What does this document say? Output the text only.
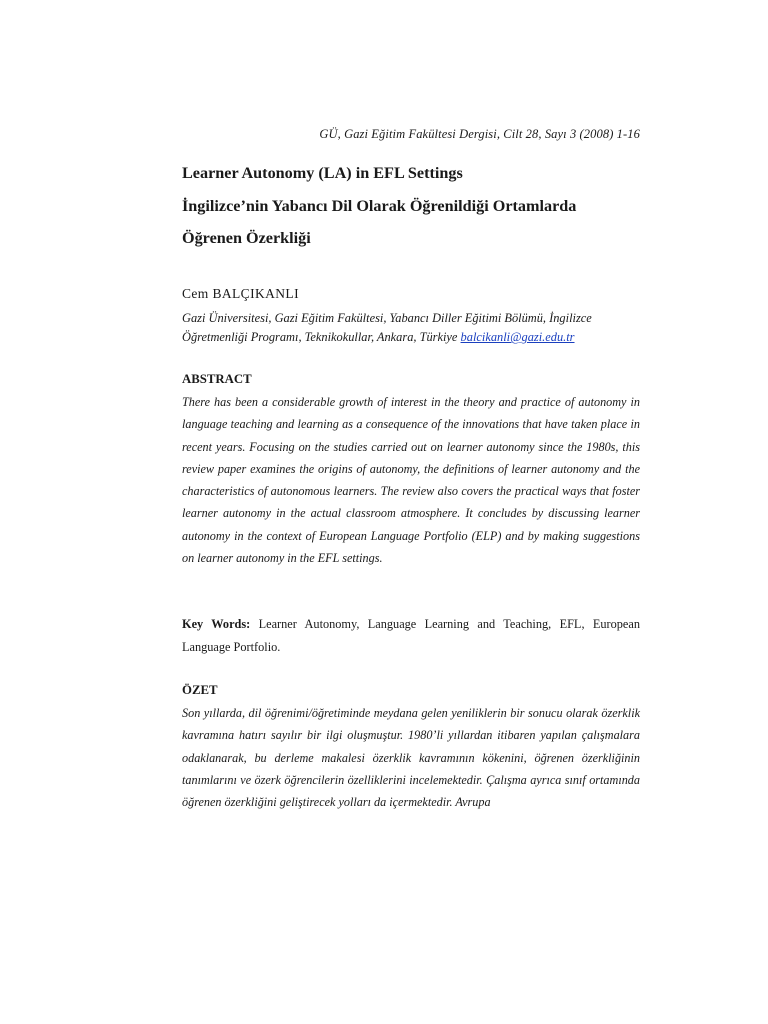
GÜ, Gazi Eğitim Fakültesi Dergisi, Cilt 28, Sayı 3 (2008) 1-16
Learner Autonomy (LA) in EFL Settings
İngilizce’nin Yabancı Dil Olarak Öğrenildiği Ortamlarda
Öğrenen Özerkliği
Cem BALÇIKANLI
Gazi Üniversitesi, Gazi Eğitim Fakültesi, Yabancı Diller Eğitimi Bölümü, İngilizce Öğretmenliği Programı, Teknikokullar, Ankara, Türkiye balcikanli@gazi.edu.tr
ABSTRACT

There has been a considerable growth of interest in the theory and practice of autonomy in language teaching and learning as a consequence of the innovations that have taken place in recent years. Focusing on the studies carried out on learner autonomy since the 1980s, this review paper examines the origins of autonomy, the definitions of learner autonomy and the characteristics of autonomous learners. The review also covers the practical ways that foster learner autonomy in the actual classroom atmosphere. It concludes by discussing learner autonomy in the context of European Language Portfolio (ELP) and by making suggestions on learner autonomy in the EFL settings.

Key Words: Learner Autonomy, Language Learning and Teaching, EFL, European Language Portfolio.

ÖZET

Son yıllarda, dil öğrenimi/öğretiminde meydana gelen yeniliklerin bir sonucu olarak özerklik kavramına hatırı sayılır bir ilgi oluşmuştur. 1980’li yıllardan itibaren yapılan çalışmalara odaklanarak, bu derleme makalesi özerklik kavramının kökenini, öğrenen özerkliğinin tanımlarını ve özerk öğrencilerin özelliklerini incelemektedir. Çalışma ayrıca sınıf ortamında öğrenen özerkliğini geliştirecek yolları da içermektedir. Avrupa
